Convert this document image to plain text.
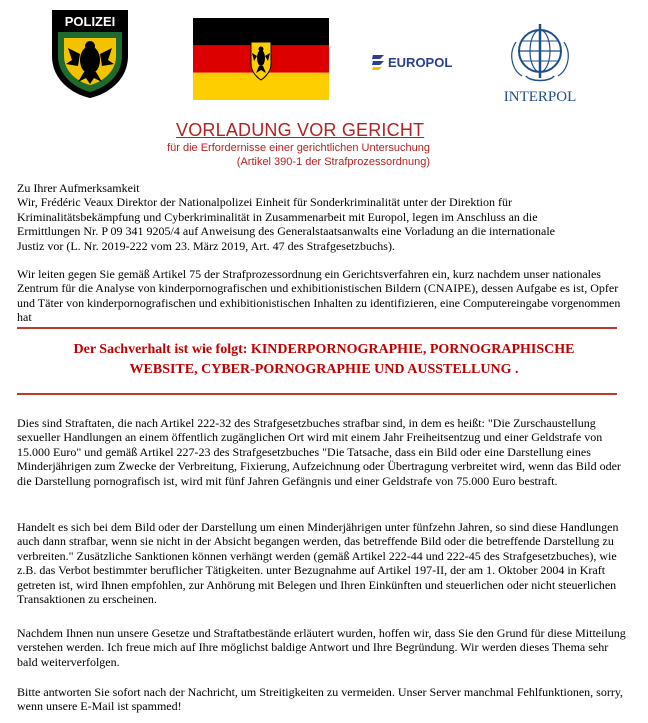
POLIZEI
EUROPOL
INTERPOL
VORLADUNG VOR GERICHT
für die Erfordernisse einer gerichtlichen Untersuchung
(Artikel 390-1 der Strafprozessordnung)
Zu Ihrer Aufmerksamkeit
Wir, Frédéric Veaux Direktor der Nationalpolizei Einheit für Sonderkriminalität unter der Direktion für
Kriminalitätsbekämpfung und Cyberkriminalität in Zusammenarbeit mit Europol, legen im Anschluss an die
Ermittlungen Nr. P 09 341 9205/4 auf Anweisung des Generalstaatsanwalts eine Vorladung an die internationale
Justiz vor (L. Nr. 2019-222 vom 23. März 2019, Art. 47 des Strafgesetzbuchs).

Wir leiten gegen Sie gemäß Artikel 75 der Strafprozessordnung ein Gerichtsverfahren ein, kurz nachdem unser nationales Zentrum für die Analyse von kinderpornografischen und exhibitionistischen Bildern (CNAIPE), dessen Aufgabe es ist, Opfer und Täter von kinderpornografischen und exhibitionistischen Inhalten zu identifizieren, eine Computereingabe vorgenommen hat

Der Sachverhalt ist wie folgt: KINDERPORNOGRAPHIE, PORNOGRAPHISCHE
WEBSITE, CYBER-PORNOGRAPHIE UND AUSSTELLUNG .

Dies sind Straftaten, die nach Artikel 222-32 des Strafgesetzbuches strafbar sind, in dem es heißt: "Die Zurschaustellung sexueller Handlungen an einem öffentlich zugänglichen Ort wird mit einem Jahr Freiheitsentzug und einer Geldstrafe von 15.000 Euro" und gemäß Artikel 227-23 des Strafgesetzbuches "Die Tatsache, dass ein Bild oder eine Darstellung eines Minderjährigen zum Zwecke der Verbreitung, Fixierung, Aufzeichnung oder Übertragung verbreitet wird, wenn das Bild oder die Darstellung pornografisch ist, wird mit fünf Jahren Gefängnis und einer Geldstrafe von 75.000 Euro bestraft.

Handelt es sich bei dem Bild oder der Darstellung um einen Minderjährigen unter fünfzehn Jahren, so sind diese Handlungen auch dann strafbar, wenn sie nicht in der Absicht begangen werden, das betreffende Bild oder die betreffende Darstellung zu verbreiten." Zusätzliche Sanktionen können verhängt werden (gemäß Artikel 222-44 und 222-45 des Strafgesetzbuches), wie z.B. das Verbot bestimmter beruflicher Tätigkeiten. unter Bezugnahme auf Artikel 197-II, der am 1. Oktober 2004 in Kraft getreten ist, wird Ihnen empfohlen, zur Anhörung mit Belegen und Ihren Einkünften und steuerlichen oder nicht steuerlichen Transaktionen zu erscheinen.

Nachdem Ihnen nun unsere Gesetze und Straftatbestände erläutert wurden, hoffen wir, dass Sie den Grund für diese Mitteilung verstehen werden. Ich freue mich auf Ihre möglichst baldige Antwort und Ihre Begründung. Wir werden dieses Thema sehr bald weiterverfolgen.

Bitte antworten Sie sofort nach der Nachricht, um Streitigkeiten zu vermeiden. Unser Server manchmal Fehlfunktionen, sorry, wenn unsere E-Mail ist spammed!
